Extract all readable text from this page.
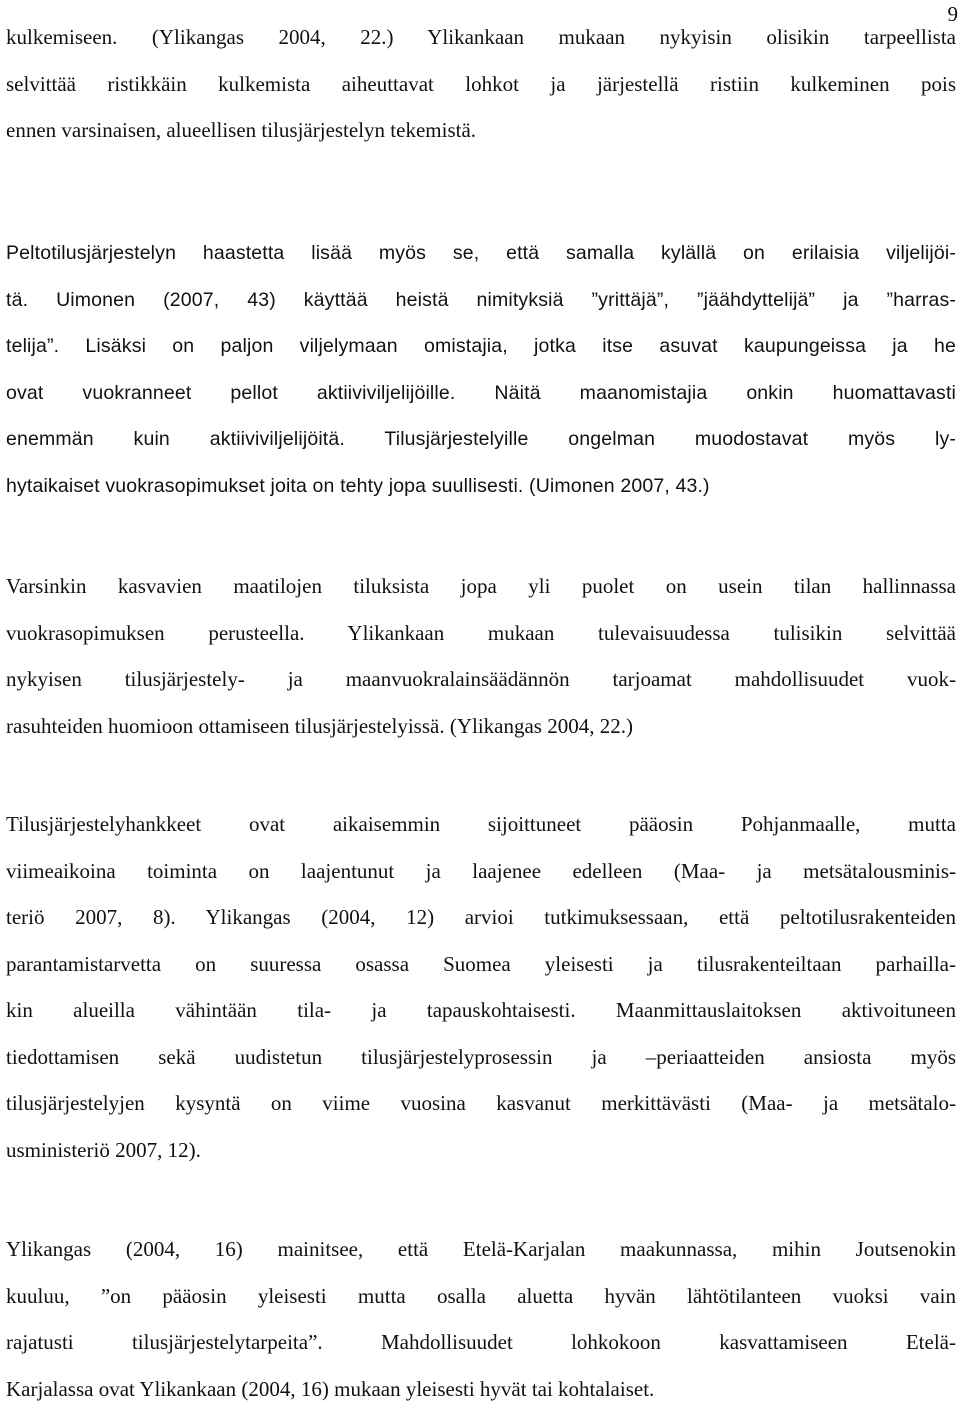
9
kulkemiseen. (Ylikangas 2004, 22.) Ylikankaan mukaan nykyisin olisikin tarpeellista
selvittää ristikkäin kulkemista aiheuttavat lohkot ja järjestellä ristiin kulkeminen pois
ennen varsinaisen, alueellisen tilusjärjestelyn tekemistä.
Peltotilusjärjestelyn haastetta lisää myös se, että samalla kylällä on erilaisia viljelijöi-
tä. Uimonen (2007, 43) käyttää heistä nimityksiä ”yrittäjä”, ”jäähdyttelijä” ja ”harras-
telija”. Lisäksi on paljon viljelymaan omistajia, jotka itse asuvat kaupungeissa ja he
ovat vuokranneet pellot aktiiviviljelijöille. Näitä maanomistajia onkin huomattavasti
enemmän kuin aktiiviviljelijöitä. Tilusjärjestelyille ongelman muodostavat myös ly-
hytaikaiset vuokrasopimukset joita on tehty jopa suullisesti. (Uimonen 2007, 43.)
Varsinkin kasvavien maatilojen tiluksista jopa yli puolet on usein tilan hallinnassa
vuokrasopimuksen perusteella. Ylikankaan mukaan tulevaisuudessa tulisikin selvittää
nykyisen tilusjärjestely- ja maanvuokralainsäädännön tarjoamat mahdollisuudet vuok-
rasuhteiden huomioon ottamiseen tilusjärjestelyissä. (Ylikangas 2004, 22.)
Tilusjärjestelyhankkeet ovat aikaisemmin sijoittuneet pääosin Pohjanmaalle, mutta
viimeaikoina toiminta on laajentunut ja laajenee edelleen (Maa- ja metsätalousminis-
teriö 2007, 8). Ylikangas (2004, 12) arvioi tutkimuksessaan, että peltotilusrakenteiden
parantamistarvetta on suuressa osassa Suomea yleisesti ja tilusrakenteiltaan parhailla-
kin alueilla vähintään tila- ja tapauskohtaisesti. Maanmittauslaitoksen aktivoituneen
tiedottamisen sekä uudistetun tilusjärjestelyprosessin ja –periaatteiden ansiosta myös
tilusjärjestelyjen kysyntä on viime vuosina kasvanut merkittävästi (Maa- ja metsätalo-
usministeriö 2007, 12).
Ylikangas (2004, 16) mainitsee, että Etelä-Karjalan maakunnassa, mihin Joutsenokin
kuuluu, ”on pääosin yleisesti mutta osalla aluetta hyvän lähtötilanteen vuoksi vain
rajatusti tilusjärjestelytarpeita”. Mahdollisuudet lohkokoon kasvattamiseen Etelä-
Karjalassa ovat Ylikankaan (2004, 16) mukaan yleisesti hyvät tai kohtalaiset.
